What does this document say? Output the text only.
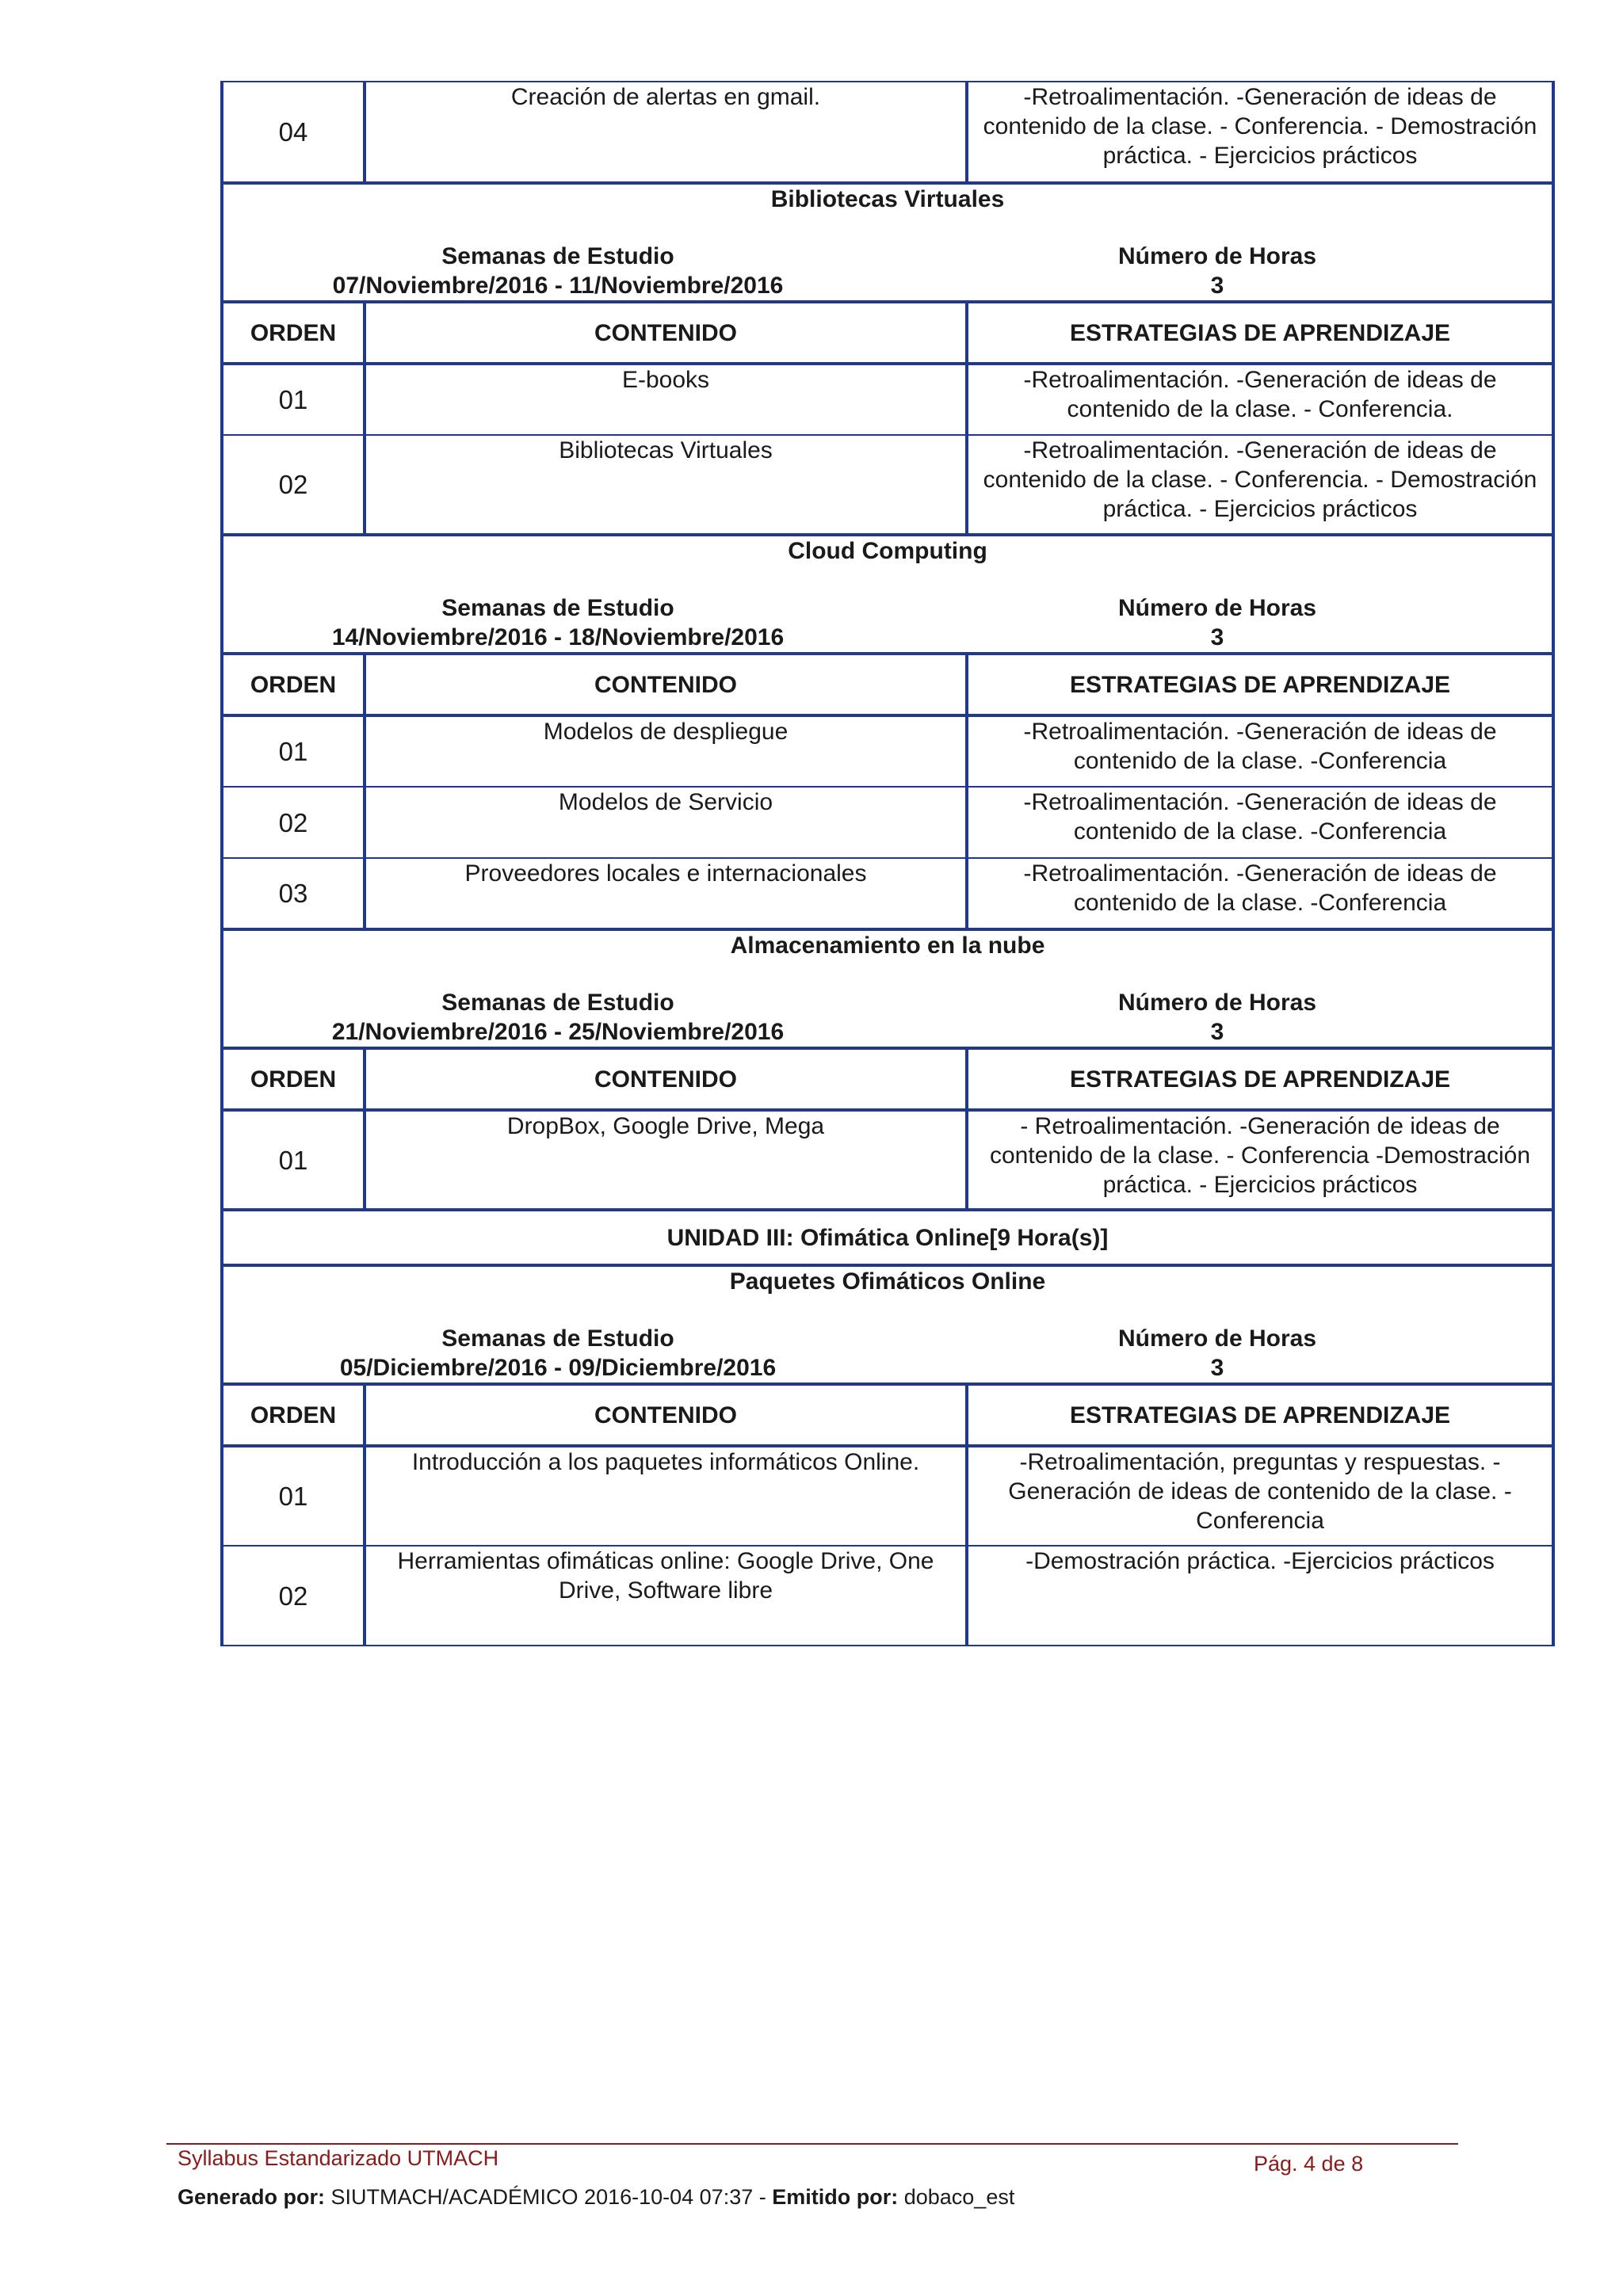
04	Creación de alertas en gmail.	-Retroalimentación. -Generación de ideas de contenido de la clase. - Conferencia. - Demostración práctica. - Ejercicios prácticos

Bibliotecas Virtuales
Semanas de Estudio
07/Noviembre/2016 - 11/Noviembre/2016
Número de Horas
3		

ORDEN	CONTENIDO	ESTRATEGIAS DE APRENDIZAJE
01	E-books	-Retroalimentación. -Generación de ideas de contenido de la clase. - Conferencia.
02	Bibliotecas Virtuales	-Retroalimentación. -Generación de ideas de contenido de la clase. - Conferencia. - Demostración práctica. - Ejercicios prácticos

Cloud Computing
Semanas de Estudio
14/Noviembre/2016 - 18/Noviembre/2016
Número de Horas
3		

ORDEN	CONTENIDO	ESTRATEGIAS DE APRENDIZAJE
01	Modelos de despliegue	-Retroalimentación. -Generación de ideas de contenido de la clase. -Conferencia
02	Modelos de Servicio	-Retroalimentación. -Generación de ideas de contenido de la clase. -Conferencia
03	Proveedores locales e internacionales	-Retroalimentación. -Generación de ideas de contenido de la clase. -Conferencia

Almacenamiento en la nube
Semanas de Estudio
21/Noviembre/2016 - 25/Noviembre/2016
Número de Horas
3		

ORDEN	CONTENIDO	ESTRATEGIAS DE APRENDIZAJE
01	DropBox, Google Drive, Mega	- Retroalimentación. -Generación de ideas de contenido de la clase. - Conferencia -Demostración práctica. - Ejercicios prácticos
UNIDAD III: Ofimática Online[9 Hora(s)]		

Paquetes Ofimáticos Online
Semanas de Estudio
05/Diciembre/2016 - 09/Diciembre/2016
Número de Horas
3		

ORDEN	CONTENIDO	ESTRATEGIAS DE APRENDIZAJE
01	Introducción a los paquetes informáticos Online.	-Retroalimentación, preguntas y respuestas. -Generación de ideas de contenido de la clase. - Conferencia
02	Herramientas ofimáticas online: Google Drive, One Drive, Software libre	-Demostración práctica. -Ejercicios prácticos
Syllabus Estandarizado UTMACH	Pág. 4 de 8
Generado por: SIUTMACH/ACADÉMICO 2016-10-04 07:37 - Emitido por: dobaco_est
